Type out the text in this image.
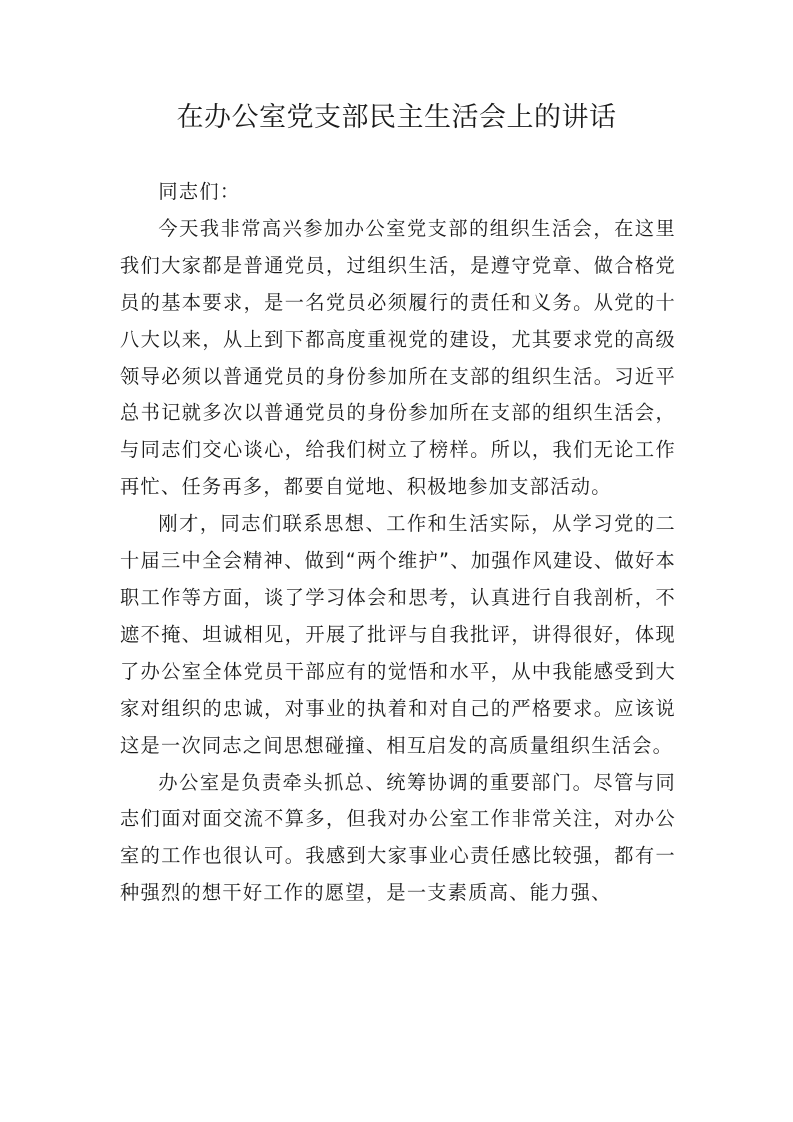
在办公室党支部民主生活会上的讲话

同志们：

今天我非常高兴参加办公室党支部的组织生活会，在这里我们大家都是普通党员，过组织生活，是遵守党章、做合格党员的基本要求，是一名党员必须履行的责任和义务。从党的十八大以来，从上到下都高度重视党的建设，尤其要求党的高级领导必须以普通党员的身份参加所在支部的组织生活。习近平总书记就多次以普通党员的身份参加所在支部的组织生活会，与同志们交心谈心，给我们树立了榜样。所以，我们无论工作再忙、任务再多，都要自觉地、积极地参加支部活动。

刚才，同志们联系思想、工作和生活实际，从学习党的二十届三中全会精神、做到“两个维护”、加强作风建设、做好本职工作等方面，谈了学习体会和思考，认真进行自我剖析，不遮不掩、坦诚相见，开展了批评与自我批评，讲得很好，体现了办公室全体党员干部应有的觉悟和水平，从中我能感受到大家对组织的忠诚，对事业的执着和对自己的严格要求。应该说这是一次同志之间思想碰撞、相互启发的高质量组织生活会。

办公室是负责牵头抓总、统筹协调的重要部门。尽管与同志们面对面交流不算多，但我对办公室工作非常关注，对办公室的工作也很认可。我感到大家事业心责任感比较强，都有一种强烈的想干好工作的愿望，是一支素质高、能力强、
